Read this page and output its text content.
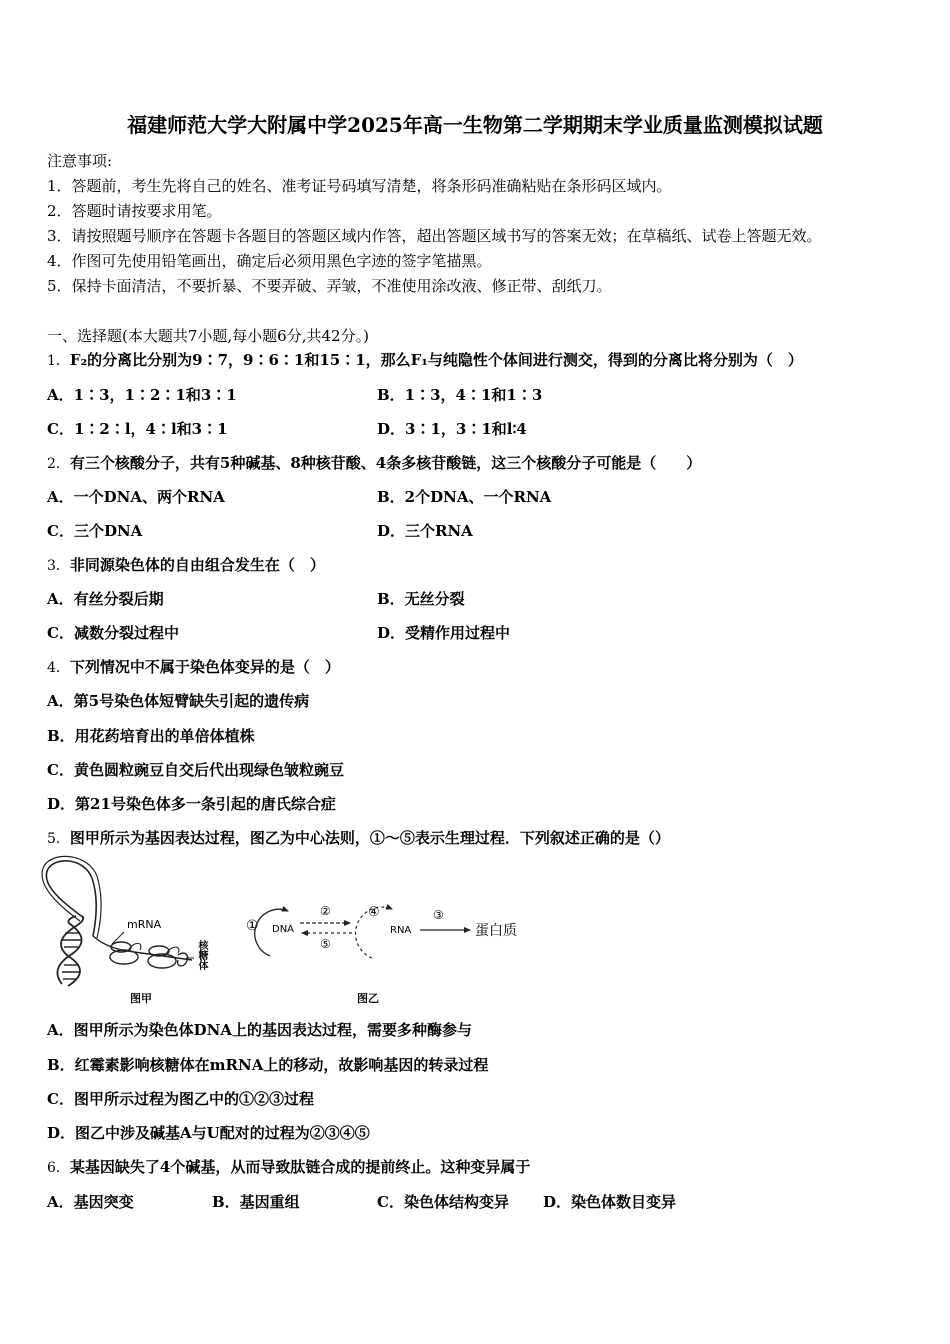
福建师范大学大附属中学2025年高一生物第二学期期末学业质量监测模拟试题
注意事项:
1．答题前，考生先将自己的姓名、准考证号码填写清楚，将条形码准确粘贴在条形码区域内。
2．答题时请按要求用笔。
3．请按照题号顺序在答题卡各题目的答题区域内作答，超出答题区域书写的答案无效；在草稿纸、试卷上答题无效。
4．作图可先使用铅笔画出，确定后必须用黑色字迹的签字笔描黑。
5．保持卡面清洁，不要折暴、不要弄破、弄皱，不准使用涂改液、修正带、刮纸刀。
一、选择题(本大题共7小题,每小题6分,共42分。)
1．F₂的分离比分别为9∶7，9∶6∶1和15∶1，那么F₁与纯隐性个体间进行测交，得到的分离比将分别为（　）
A．1∶3，1∶2∶1和3∶1	B．1∶3，4∶1和1∶3
C．1∶2∶l，4∶l和3∶1	D．3∶1，3∶1和l∶4
2．有三个核酸分子，共有5种碱基、8种核苷酸、4条多核苷酸链，这三个核酸分子可能是（　　）
A．一个DNA、两个RNA	B．2个DNA、一个RNA
C．三个DNA	D．三个RNA
3．非同源染色体的自由组合发生在（　）
A．有丝分裂后期	B．无丝分裂
C．减数分裂过程中	D．受精作用过程中
4．下列情况中不属于染色体变异的是（　）
A．第5号染色体短臂缺失引起的遗传病
B．用花药培育出的单倍体植株
C．黄色圆粒豌豆自交后代出现绿色皱粒豌豆
D．第21号染色体多一条引起的唐氏综合症
5．图甲所示为基因表达过程，图乙为中心法则，①～⑤表示生理过程．下列叙述正确的是（）
mRNA
核糖体
图甲
① DNA
②
⑤
④
RNA
③
蛋白质
图乙
A．图甲所示为染色体DNA上的基因表达过程，需要多种酶参与
B．红霉素影响核糖体在mRNA上的移动，故影响基因的转录过程
C．图甲所示过程为图乙中的①②③过程
D．图乙中涉及碱基A与U配对的过程为②③④⑤
6．某基因缺失了4个碱基，从而导致肽链合成的提前终止。这种变异属于
A．基因突变	B．基因重组	C．染色体结构变异 D．染色体数目变异
